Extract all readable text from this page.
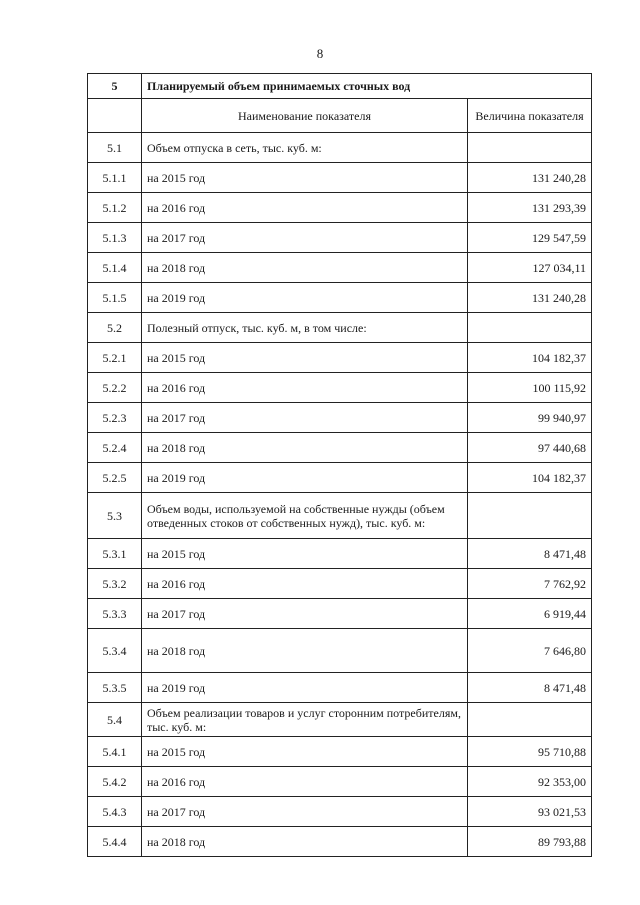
8
5	Планируемый объем принимаемых сточных вод	
	Наименование показателя	Величина показателя
5.1	Объем отпуска в сеть, тыс. куб. м:	
5.1.1	на 2015 год	131 240,28
5.1.2	на 2016 год	131 293,39
5.1.3	на 2017 год	129 547,59
5.1.4	на 2018 год	127 034,11
5.1.5	на 2019 год	131 240,28
5.2	Полезный отпуск, тыс. куб. м, в том числе:	
5.2.1	на 2015 год	104 182,37
5.2.2	на 2016 год	100 115,92
5.2.3	на 2017 год	99 940,97
5.2.4	на 2018 год	97 440,68
5.2.5	на 2019 год	104 182,37
5.3	Объем воды, используемой на собственные нужды (объем отведенных стоков от собственных нужд), тыс. куб. м:	
5.3.1	на 2015 год	8 471,48
5.3.2	на 2016 год	7 762,92
5.3.3	на 2017 год	6 919,44
5.3.4	на 2018 год	7 646,80
5.3.5	на 2019 год	8 471,48
5.4	Объем реализации товаров и услуг сторонним потребителям, тыс. куб. м:	
5.4.1	на 2015 год	95 710,88
5.4.2	на 2016 год	92 353,00
5.4.3	на 2017 год	93 021,53
5.4.4	на 2018 год	89 793,88
